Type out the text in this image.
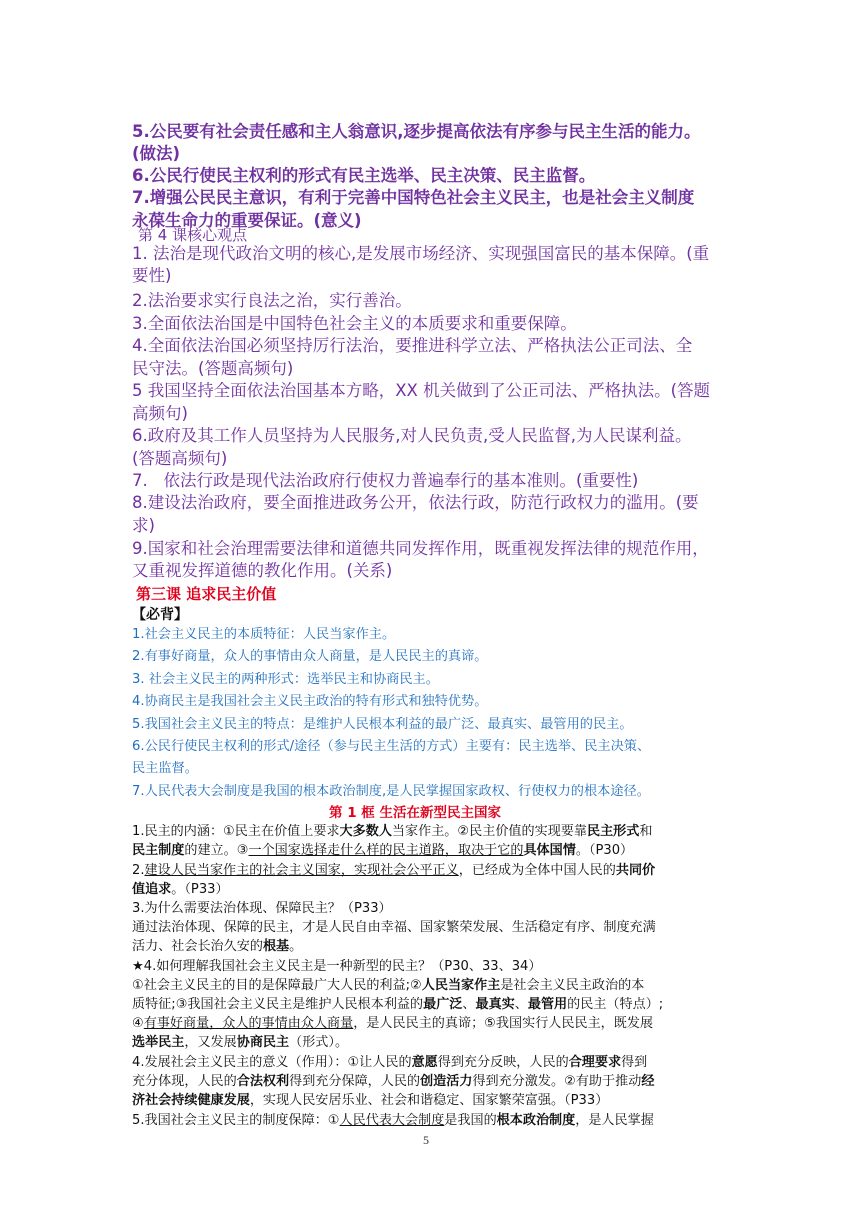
5.公民要有社会责任感和主人翁意识,逐步提高依法有序参与民主生活的能力。
(做法)
6.公民行使民主权利的形式有民主选举、民主决策、民主监督。
7.增强公民民主意识，有利于完善中国特色社会主义民主，也是社会主义制度
永葆生命力的重要保证。(意义)
第 4 课核心观点
1. 法治是现代政治文明的核心,是发展市场经济、实现强国富民的基本保障。(重
要性)
2.法治要求实行良法之治，实行善治。
3.全面依法治国是中国特色社会主义的本质要求和重要保障。
4.全面依法治国必须坚持厉行法治，要推进科学立法、严格执法公正司法、全
民守法。(答题高频句)
5 我国坚持全面依法治国基本方略，XX 机关做到了公正司法、严格执法。(答题
高频句)
6.政府及其工作人员坚持为人民服务,对人民负责,受人民监督,为人民谋利益。
(答题高频句)
7.   依法行政是现代法治政府行使权力普遍奉行的基本准则。(重要性)
8.建设法治政府，要全面推进政务公开，依法行政，防范行政权力的滥用。(要
求)
9.国家和社会治理需要法律和道德共同发挥作用，既重视发挥法律的规范作用，
又重视发挥道德的教化作用。(关系)
第三课 追求民主价值
【必背】
1.社会主义民主的本质特征：人民当家作主。
2.有事好商量，众人的事情由众人商量，是人民民主的真谛。
3. 社会主义民主的两种形式：选举民主和协商民主。
4.协商民主是我国社会主义民主政治的特有形式和独特优势。
5.我国社会主义民主的特点：是维护人民根本利益的最广泛、最真实、最管用的民主。
6.公民行使民主权利的形式/途径（参与民主生活的方式）主要有：民主选举、民主决策、
民主监督。
7.人民代表大会制度是我国的根本政治制度,是人民掌握国家政权、行使权力的根本途径。
第 1 框 生活在新型民主国家
1.民主的内涵：①民主在价值上要求大多数人当家作主。②民主价值的实现要靠民主形式和
民主制度的建立。③一个国家选择走什么样的民主道路，取决于它的具体国情。（P30）
2.建设人民当家作主的社会主义国家，实现社会公平正义，已经成为全体中国人民的共同价
值追求。（P33）
3.为什么需要法治体现、保障民主？（P33）
通过法治体现、保障的民主，才是人民自由幸福、国家繁荣发展、生活稳定有序、制度充满
活力、社会长治久安的根基。
★4.如何理解我国社会主义民主是一种新型的民主？（P30、33、34）
①社会主义民主的目的是保障最广大人民的利益;②人民当家作主是社会主义民主政治的本
质特征;③我国社会主义民主是维护人民根本利益的最广泛、最真实、最管用的民主（特点）;
④有事好商量，众人的事情由众人商量，是人民民主的真谛；⑤我国实行人民民主，既发展
选举民主，又发展协商民主（形式）。
4.发展社会主义民主的意义（作用）：①让人民的意愿得到充分反映，人民的合理要求得到
充分体现，人民的合法权利得到充分保障，人民的创造活力得到充分激发。②有助于推动经
济社会持续健康发展，实现人民安居乐业、社会和谐稳定、国家繁荣富强。（P33）
5.我国社会主义民主的制度保障：①人民代表大会制度是我国的根本政治制度，是人民掌握
5
